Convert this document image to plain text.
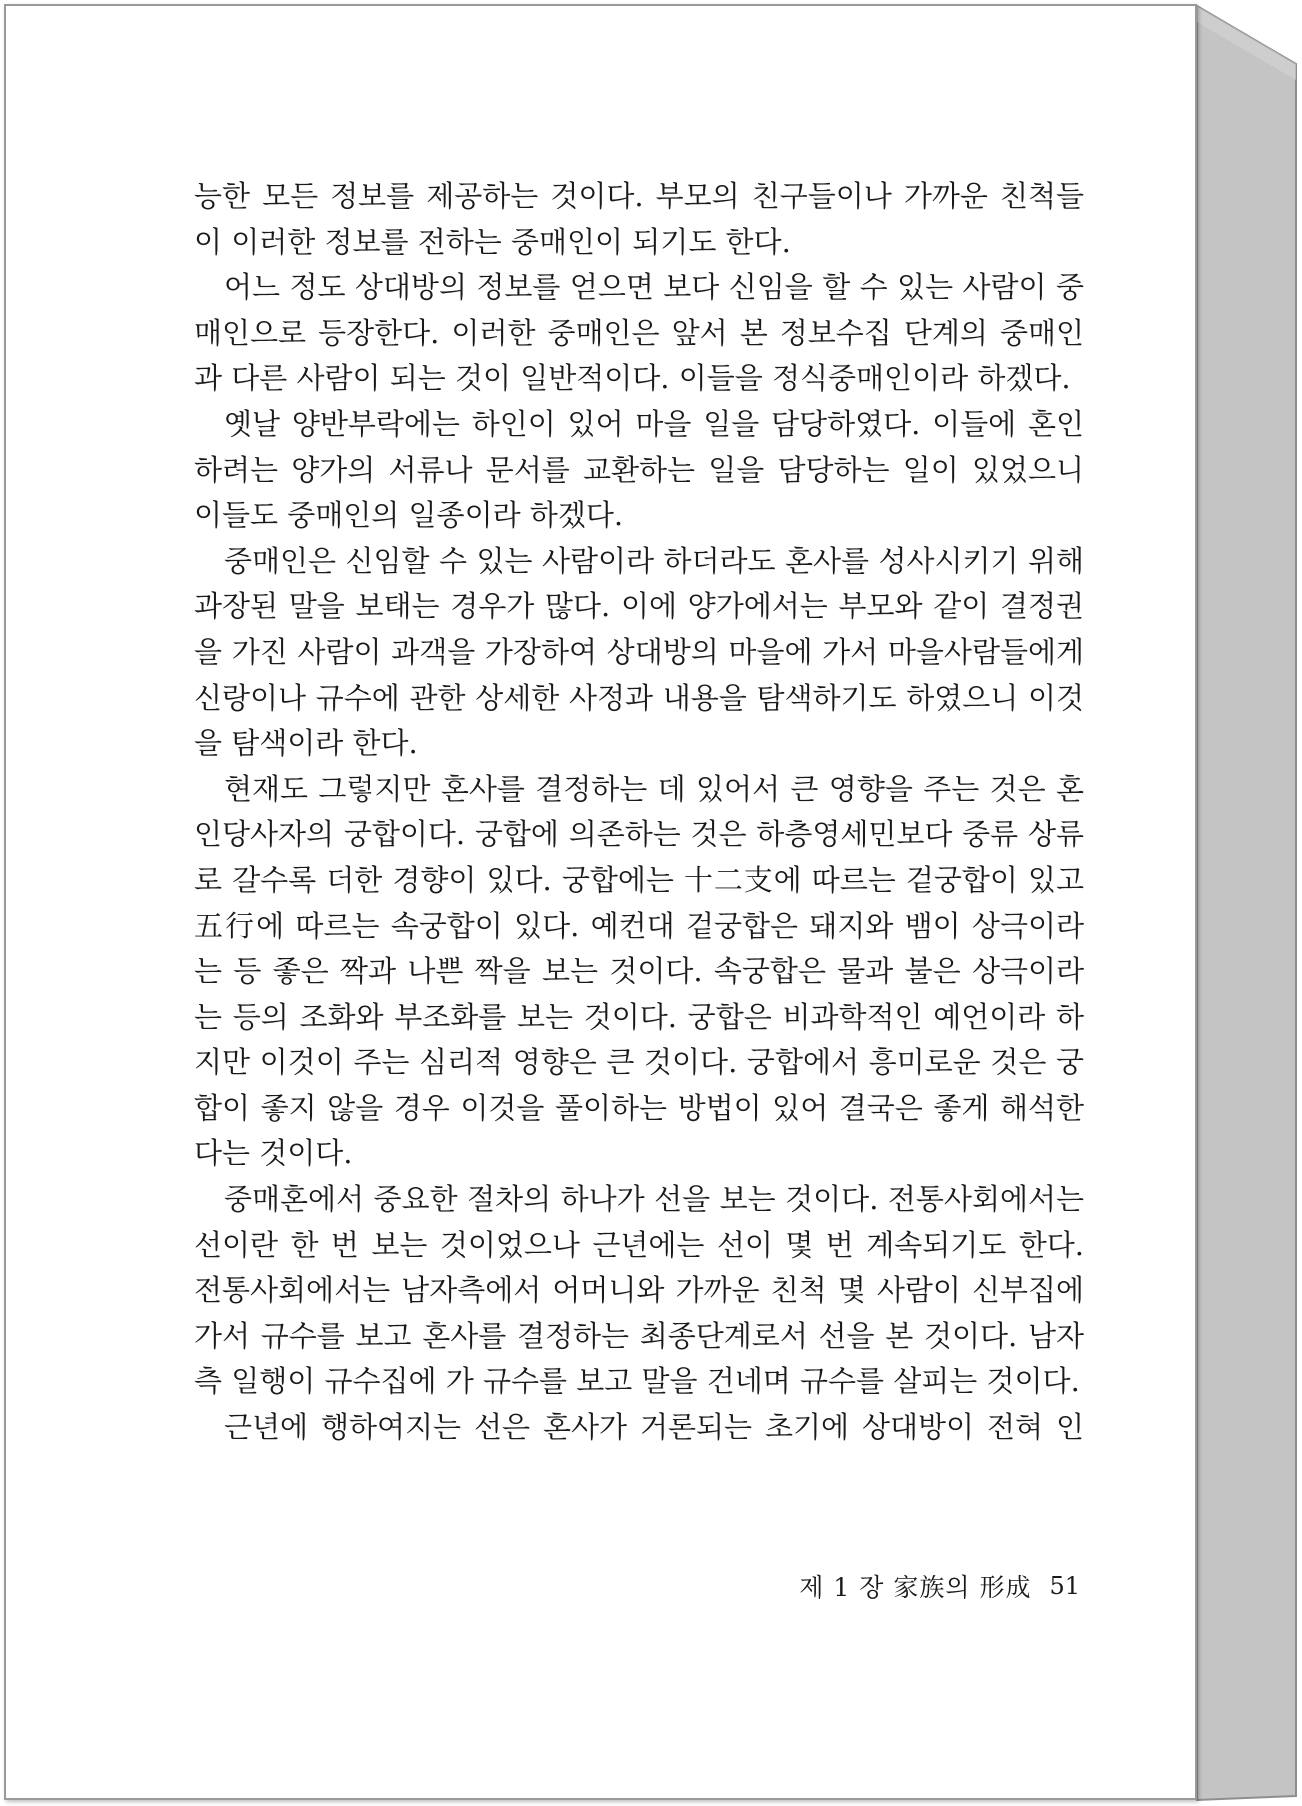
능한 모든 정보를 제공하는 것이다. 부모의 친구들이나 가까운 친척들이 이러한 정보를 전하는 중매인이 되기도 한다.

어느 정도 상대방의 정보를 얻으면 보다 신임을 할 수 있는 사람이 중매인으로 등장한다. 이러한 중매인은 앞서 본 정보수집 단계의 중매인과 다른 사람이 되는 것이 일반적이다. 이들을 정식중매인이라 하겠다.

옛날 양반부락에는 하인이 있어 마을 일을 담당하였다. 이들에 혼인하려는 양가의 서류나 문서를 교환하는 일을 담당하는 일이 있었으니 이들도 중매인의 일종이라 하겠다.

중매인은 신임할 수 있는 사람이라 하더라도 혼사를 성사시키기 위해 과장된 말을 보태는 경우가 많다. 이에 양가에서는 부모와 같이 결정권을 가진 사람이 과객을 가장하여 상대방의 마을에 가서 마을사람들에게 신랑이나 규수에 관한 상세한 사정과 내용을 탐색하기도 하였으니 이것을 탐색이라 한다.

현재도 그렇지만 혼사를 결정하는 데 있어서 큰 영향을 주는 것은 혼인당사자의 궁합이다. 궁합에 의존하는 것은 하층영세민보다 중류 상류로 갈수록 더한 경향이 있다. 궁합에는 十二支에 따르는 겉궁합이 있고 五行에 따르는 속궁합이 있다. 예컨대 겉궁합은 돼지와 뱀이 상극이라는 등 좋은 짝과 나쁜 짝을 보는 것이다. 속궁합은 물과 불은 상극이라는 등의 조화와 부조화를 보는 것이다. 궁합은 비과학적인 예언이라 하지만 이것이 주는 심리적 영향은 큰 것이다. 궁합에서 흥미로운 것은 궁합이 좋지 않을 경우 이것을 풀이하는 방법이 있어 결국은 좋게 해석한다는 것이다.

중매혼에서 중요한 절차의 하나가 선을 보는 것이다. 전통사회에서는 선이란 한 번 보는 것이었으나 근년에는 선이 몇 번 계속되기도 한다. 전통사회에서는 남자측에서 어머니와 가까운 친척 몇 사람이 신부집에 가서 규수를 보고 혼사를 결정하는 최종단계로서 선을 본 것이다. 남자측 일행이 규수집에 가 규수를 보고 말을 건네며 규수를 살피는 것이다.

근년에 행하여지는 선은 혼사가 거론되는 초기에 상대방이 전혀 인

제 1 장 家族의 形成 51
